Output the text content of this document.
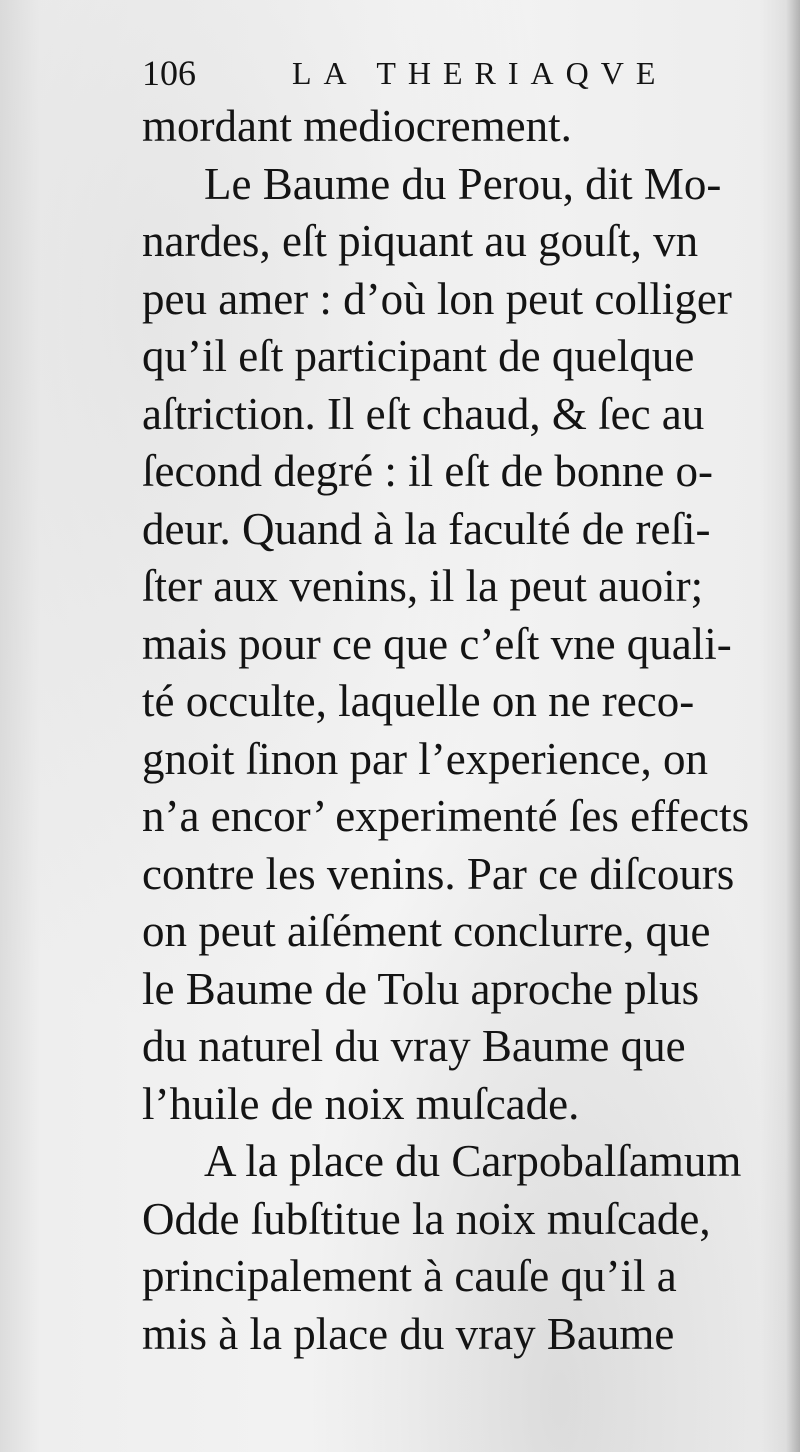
106	LA THERIAQVE
mordant mediocrement.
Le Baume du Perou, dit Mo-
nardes, eſt piquant au gouſt, vn
peu amer : d’où lon peut colliger
qu’il eſt participant de quelque
aſtriction. Il eſt chaud, & ſec au
ſecond degré : il eſt de bonne o-
deur. Quand à la faculté de reſi-
ſter aux venins, il la peut auoir;
mais pour ce que c’eſt vne quali-
té occulte, laquelle on ne reco-
gnoit ſinon par l’experience, on
n’a encor’ experimenté ſes effects
contre les venins. Par ce diſcours
on peut aiſément conclurre, que
le Baume de Tolu aproche plus
du naturel du vray Baume que
l’huile de noix muſcade.
A la place du Carpobalſamum
Odde ſubſtitue la noix muſcade,
principalement à cauſe qu’il a
mis à la place du vray Baume
